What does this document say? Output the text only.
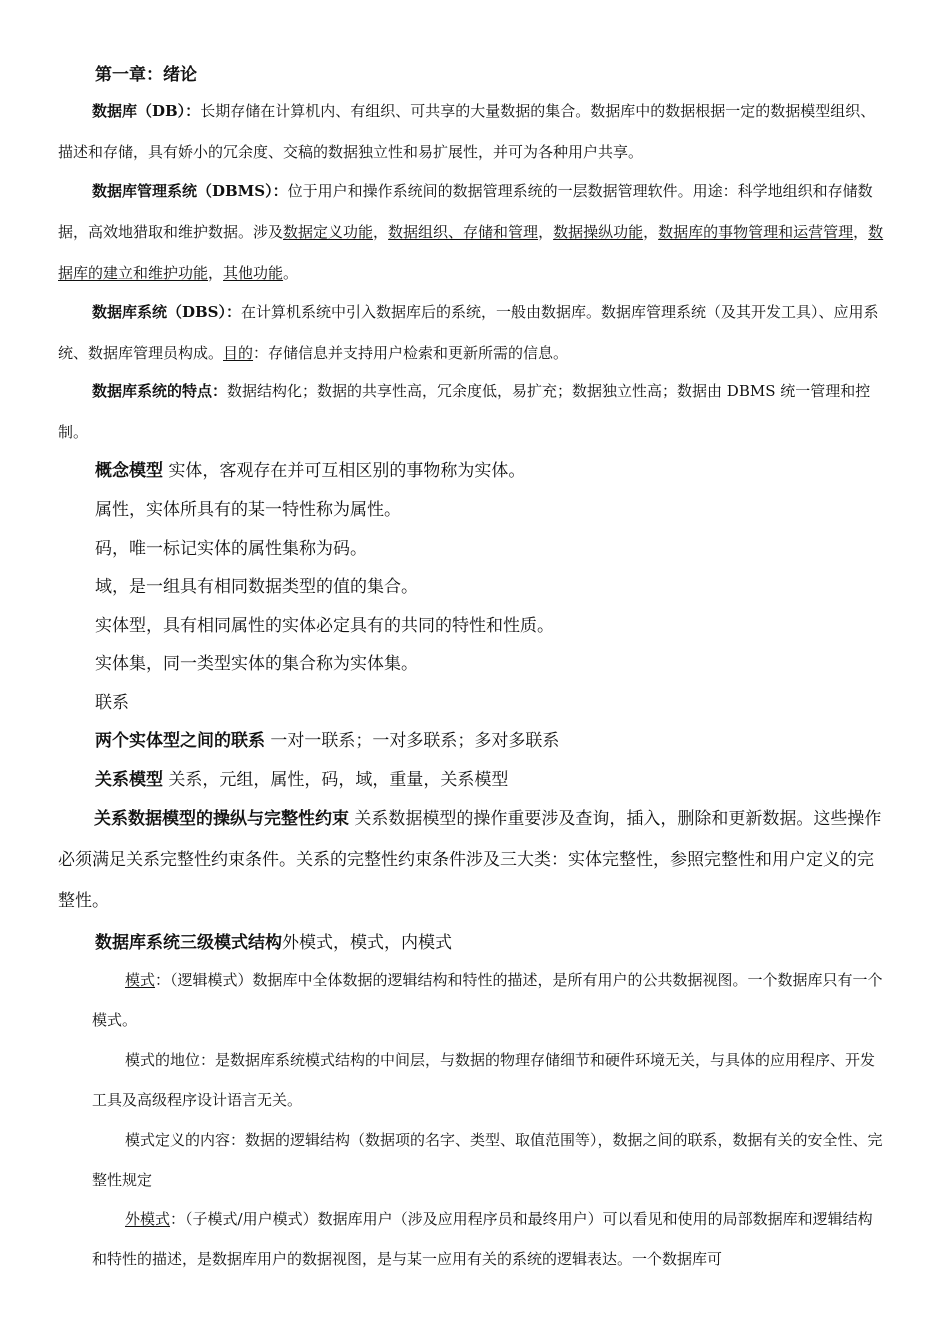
第一章：绪论

数据库（DB）：长期存储在计算机内、有组织、可共享的大量数据的集合。数据库中的数据根据一定的数据模型组织、描述和存储，具有娇小的冗余度、交稿的数据独立性和易扩展性，并可为各种用户共享。

数据库管理系统（DBMS）：位于用户和操作系统间的数据管理系统的一层数据管理软件。用途：科学地组织和存储数据，高效地猎取和维护数据。涉及数据定义功能，数据组织、存储和管理，数据操纵功能，数据库的事物管理和运营管理，数据库的建立和维护功能，其他功能。

数据库系统（DBS）：在计算机系统中引入数据库后的系统，一般由数据库。数据库管理系统（及其开发工具）、应用系统、数据库管理员构成。目的：存储信息并支持用户检索和更新所需的信息。

数据库系统的特点：数据结构化；数据的共享性高，冗余度低，易扩充；数据独立性高；数据由 DBMS 统一管理和控制。

概念模型 实体，客观存在并可互相区别的事物称为实体。

属性，实体所具有的某一特性称为属性。

码，唯一标记实体的属性集称为码。

域，是一组具有相同数据类型的值的集合。

实体型，具有相同属性的实体必定具有的共同的特性和性质。

实体集，同一类型实体的集合称为实体集。

联系

两个实体型之间的联系 一对一联系；一对多联系；多对多联系

关系模型 关系，元组，属性，码，域，重量，关系模型

关系数据模型的操纵与完整性约束 关系数据模型的操作重要涉及查询，插入，删除和更新数据。这些操作必须满足关系完整性约束条件。关系的完整性约束条件涉及三大类：实体完整性，参照完整性和用户定义的完整性。

数据库系统三级模式结构外模式，模式，内模式

模式：（逻辑模式）数据库中全体数据的逻辑结构和特性的描述，是所有用户的公共数据视图。一个数据库只有一个模式。

模式的地位：是数据库系统模式结构的中间层，与数据的物理存储细节和硬件环境无关，与具体的应用程序、开发工具及高级程序设计语言无关。

模式定义的内容：数据的逻辑结构（数据项的名字、类型、取值范围等），数据之间的联系，数据有关的安全性、完整性规定

外模式：（子模式/用户模式）数据库用户（涉及应用程序员和最终用户）可以看见和使用的局部数据库和逻辑结构和特性的描述，是数据库用户的数据视图，是与某一应用有关的系统的逻辑表达。一个数据库可
